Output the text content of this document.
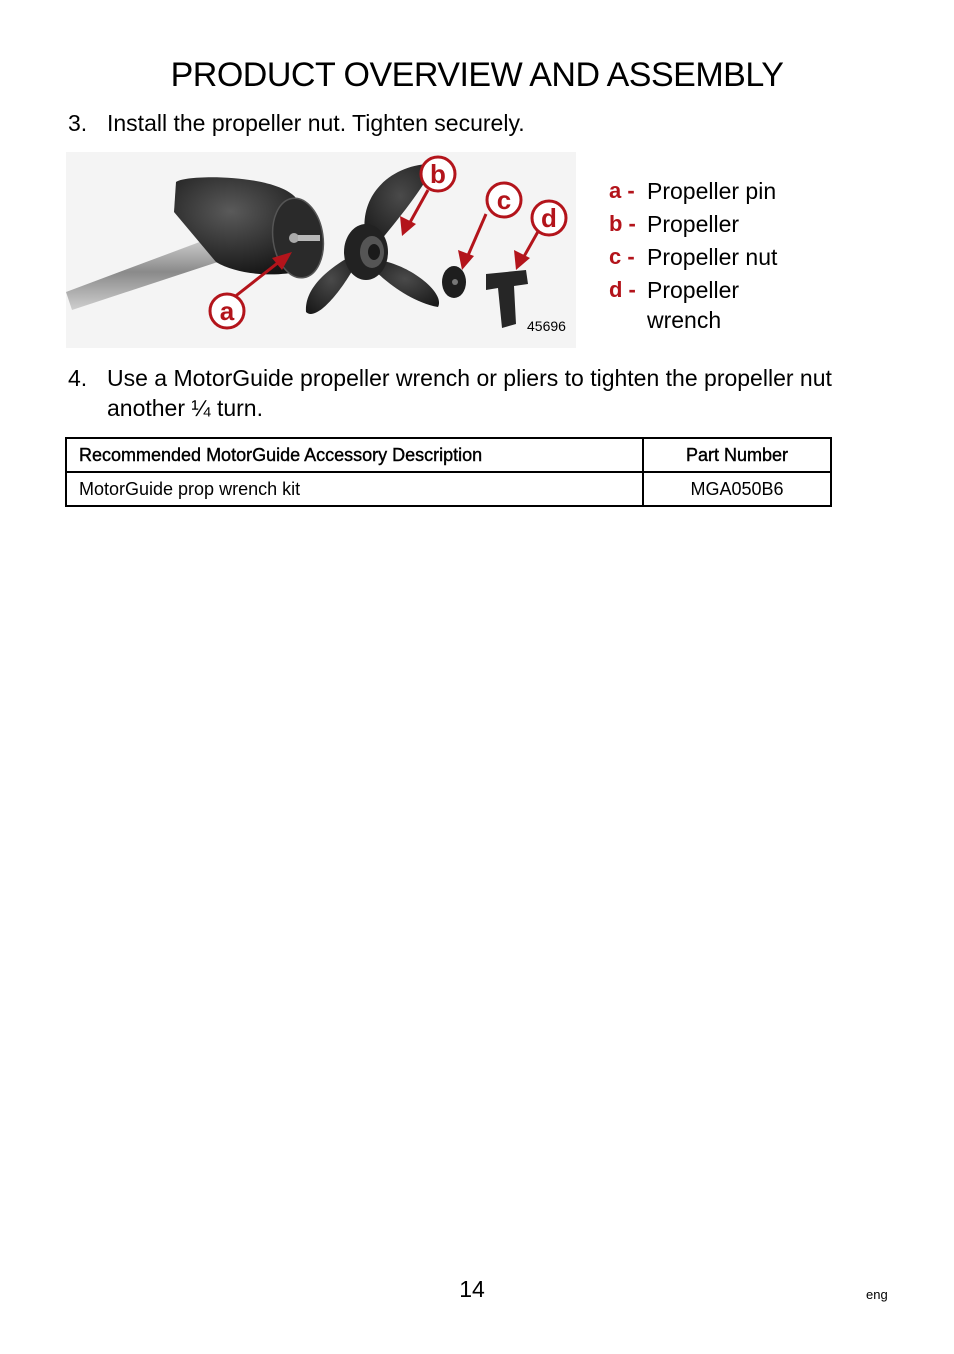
PRODUCT OVERVIEW AND ASSEMBLY
3. Install the propeller nut. Tighten securely.
a
b
c
d
45696
a - Propeller pin
b - Propeller
c - Propeller nut
d - Propeller wrench
4. Use a MotorGuide propeller wrench or pliers to tighten the propeller nut another ¼ turn.
Recommended MotorGuide Accessory Description	Part Number
MotorGuide prop wrench kit	MGA050B6
14	eng
